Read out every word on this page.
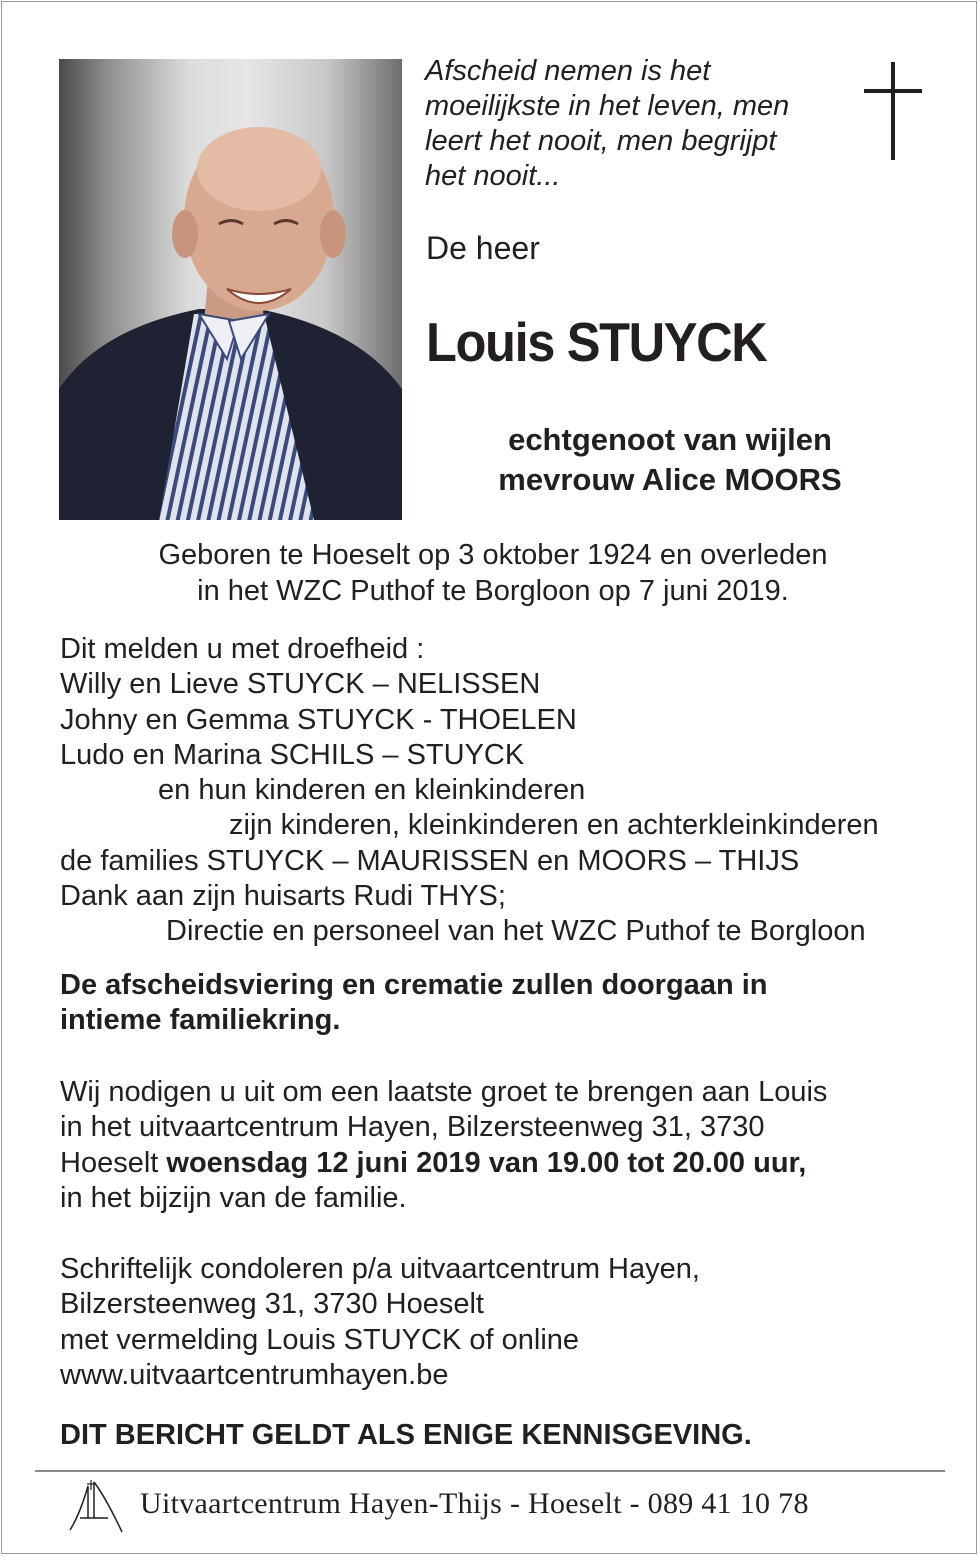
Afscheid nemen is het
moeilijkste in het leven, men
leert het nooit, men begrijpt
het nooit...
De heer
Louis STUYCK
echtgenoot van wijlen
mevrouw Alice MOORS
Geboren te Hoeselt op 3 oktober 1924 en overleden
in het WZC Puthof te Borgloon op 7 juni 2019.
Dit melden u met droefheid :
Willy en Lieve STUYCK – NELISSEN
Johny en Gemma STUYCK - THOELEN
Ludo en Marina SCHILS – STUYCK
en hun kinderen en kleinkinderen
zijn kinderen, kleinkinderen en achterkleinkinderen
de families STUYCK – MAURISSEN en MOORS – THIJS
Dank aan zijn huisarts Rudi THYS;
Directie en personeel van het WZC Puthof te Borgloon
De afscheidsviering en crematie zullen doorgaan in
intieme familiekring.
Wij nodigen u uit om een laatste groet te brengen aan Louis
in het uitvaartcentrum Hayen, Bilzersteenweg 31, 3730
Hoeselt woensdag 12 juni 2019 van 19.00 tot 20.00 uur,
in het bijzijn van de familie.
Schriftelijk condoleren p/a uitvaartcentrum Hayen,
Bilzersteenweg 31, 3730 Hoeselt
met vermelding Louis STUYCK of online
www.uitvaartcentrumhayen.be
DIT BERICHT GELDT ALS ENIGE KENNISGEVING.
Uitvaartcentrum Hayen-Thijs - Hoeselt - 089 41 10 78
